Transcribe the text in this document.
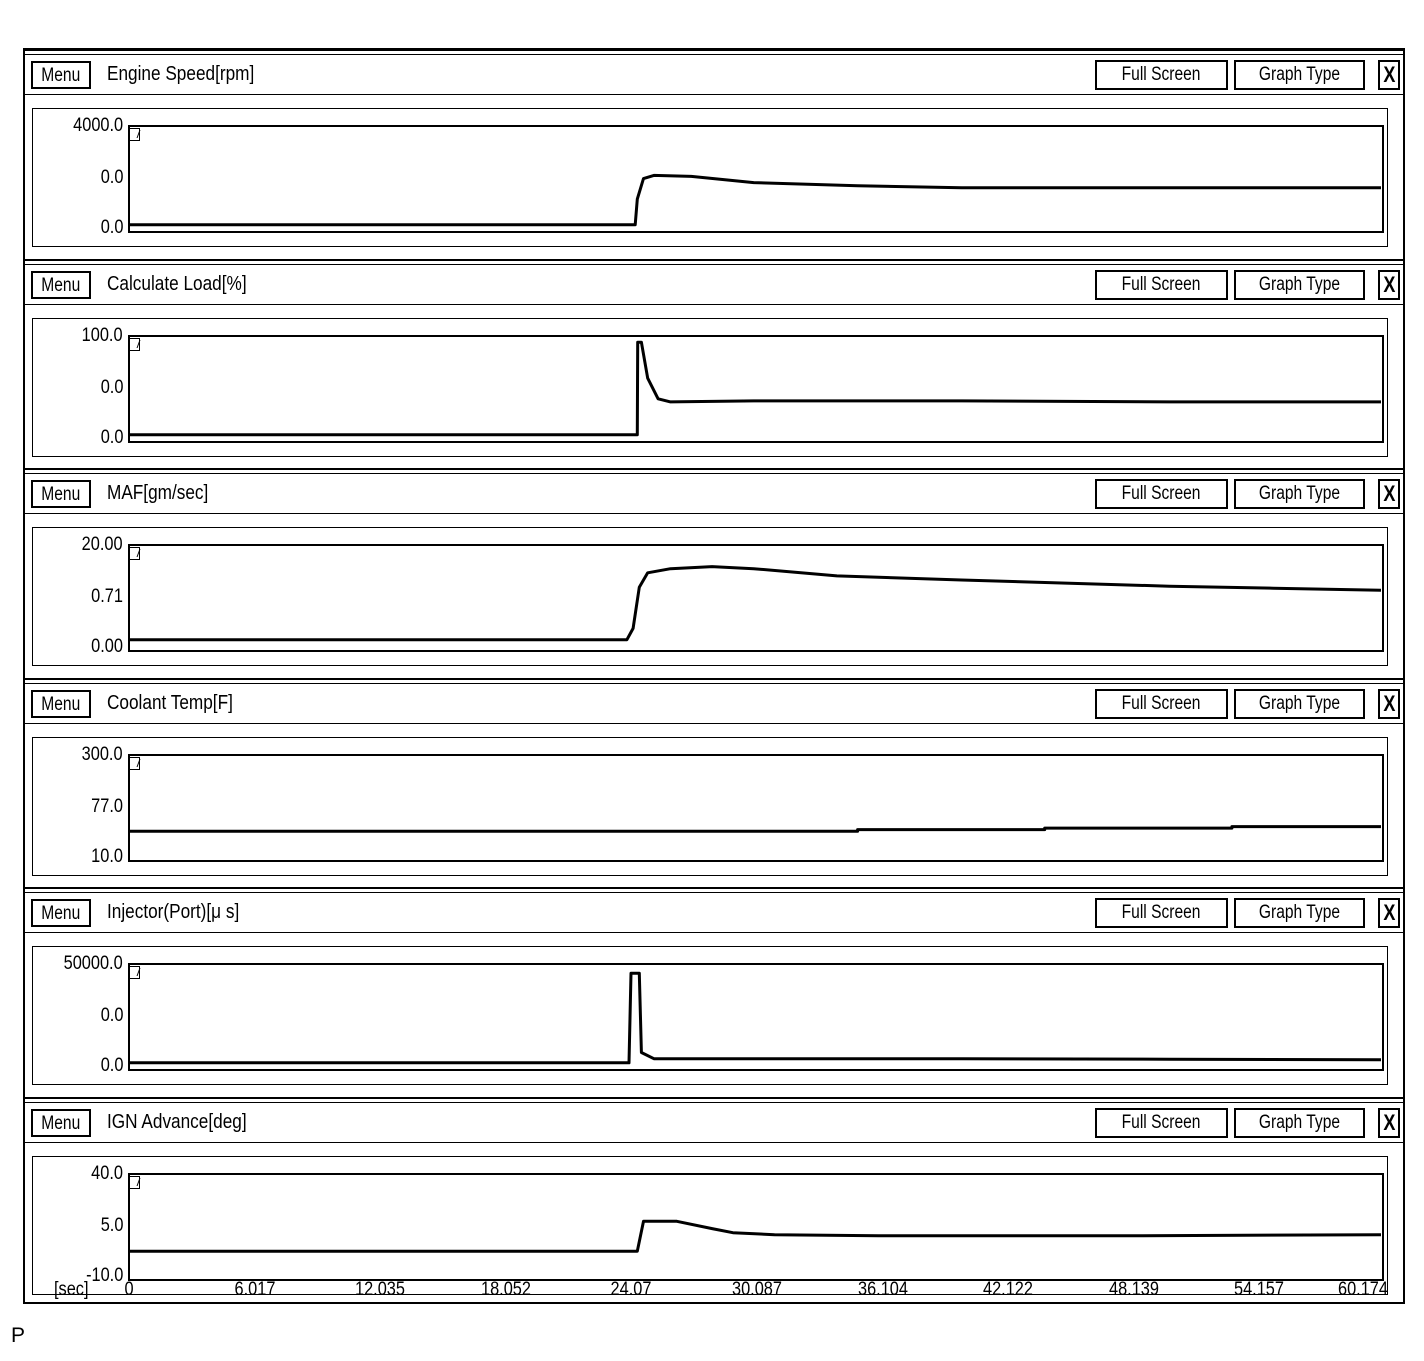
Menu	Engine Speed[rpm]	Full Screen	Graph Type	X
4000.0
0.0
0.0
Menu	Calculate Load[%]	Full Screen	Graph Type	X
100.0
0.0
0.0
Menu	MAF[gm/sec]	Full Screen	Graph Type	X
20.00
0.71
0.00
Menu	Coolant Temp[F]	Full Screen	Graph Type	X
300.0
77.0
10.0
Menu	Injector(Port)[μ s]	Full Screen	Graph Type	X
50000.0
0.0
0.0
Menu	IGN Advance[deg]	Full Screen	Graph Type	X
40.0
5.0
-10.0
[sec] 0	6.017	12.035	18.052	24.07	30.087	36.104	42.122	48.139	54.157	60.174
P
